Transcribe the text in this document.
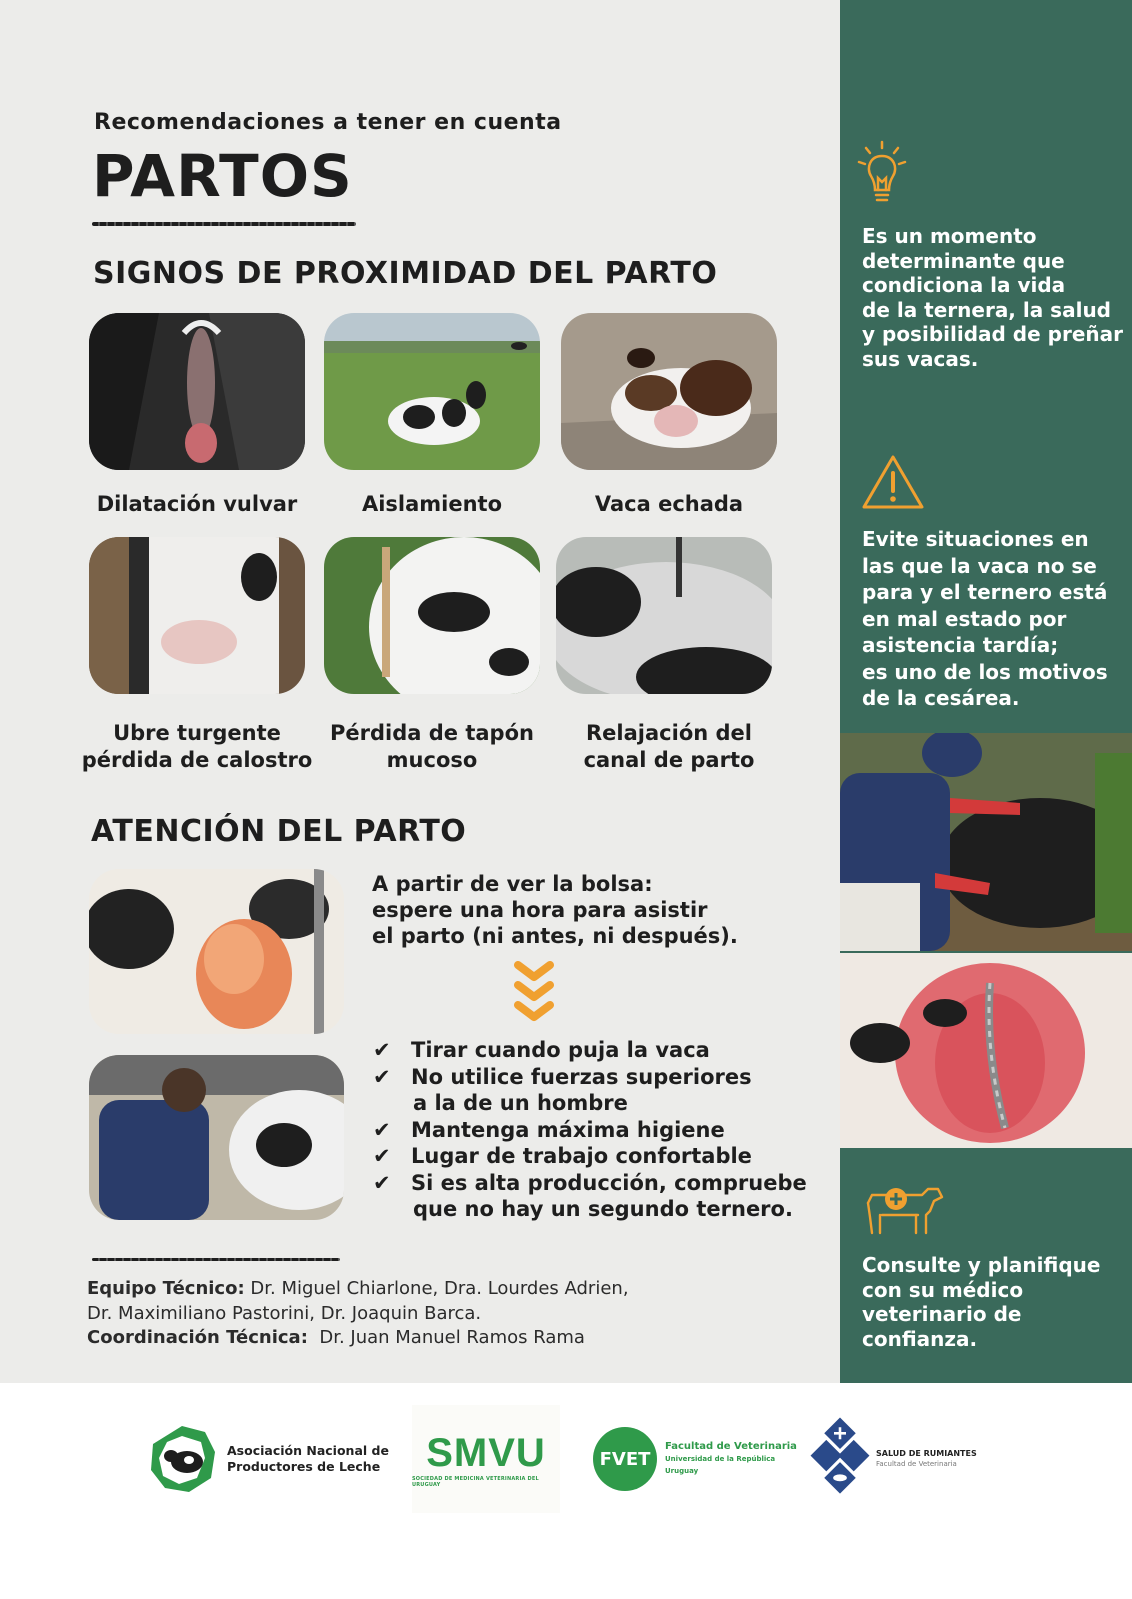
Recomendaciones a tener en cuenta
PARTOS
SIGNOS DE PROXIMIDAD DEL PARTO
Dilatación vulvar	Aislamiento	Vaca echada
Ubre turgente
pérdida de calostro
Pérdida de tapón
mucoso
Relajación del
canal de parto
ATENCIÓN DEL PARTO
A partir de ver la bolsa:
espere una hora para asistir
el parto (ni antes, ni después).
✔ Tirar cuando puja la vaca
✔ No utilice fuerzas superiores
a la de un hombre
✔ Mantenga máxima higiene
✔ Lugar de trabajo confortable
✔ Si es alta producción, compruebe
que no hay un segundo ternero.
Equipo Técnico: Dr. Miguel Chiarlone, Dra. Lourdes Adrien,
Dr. Maximiliano Pastorini, Dr. Joaquin Barca.
Coordinación Técnica:  Dr. Juan Manuel Ramos Rama
Es un momento
determinante que
condiciona la vida
de la ternera, la salud
y posibilidad de preñar
sus vacas.
Evite situaciones en
las que la vaca no se
para y el ternero está
en mal estado por
asistencia tardía;
es uno de los motivos
de la cesárea.
Consulte y planifique
con su médico
veterinario de
confianza.
Asociación Nacional de
Productores de Leche SMVU
SOCIEDAD DE MEDICINA VETERINARIA DEL URUGUAY
FVET
Facultad de Veterinaria
Universidad de la República
Uruguay
SALUD DE RUMIANTES
Facultad de Veterinaria
